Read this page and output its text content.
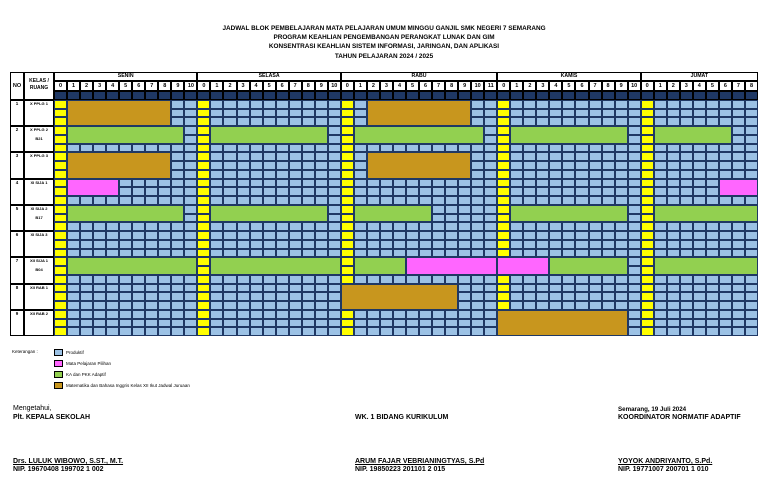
JADWAL BLOK PEMBELAJARAN MATA PELAJARAN UMUM MINGGU GANJIL SMK NEGERI 7 SEMARANG
PROGRAM KEAHLIAN PENGEMBANGAN PERANGKAT LUNAK DAN GIM
KONSENTRASI KEAHLIAN SISTEM INFORMASI, JARINGAN, DAN APLIKASI
TAHUN PELAJARAN 2024 / 2025
NO
KELAS / RUANG
SENIN
0	1	2	3	4	5	6	7	8	9	10
SELASA
0	1	2	3	4	5	6	7	8	9	10
RABU
0	1	2	3	4	5	6	7	8	9	10	11
KAMIS
0	1	2	3	4	5	6	7	8	9	10
JUMAT
0	1	2	3	4	5	6	7	8
1	X PPLG 1
2	X PPLG 2
B21
3	X PPLG 3
4	XI SIJA 1
5	XI SIJA 2
B17
6	XI SIJA 3
7	XII SIJA 1
B04
8	XII RAB 1
9	XII RAB 2
Keterangan :	Produktif
Mata Pelajaran Pilihan
KA dan PKK Adaptif
Matematika dan Bahasa Inggris Kelas XII Ikut Jadwal Juruaan
Mengetahui,
Plt. KEPALA SEKOLAH
Drs. LULUK WIBOWO, S.ST., M.T.
NIP. 19670408 199702 1 002
WK. 1 BIDANG KURIKULUM
ARUM FAJAR VEBRIANINGTYAS, S.Pd
NIP. 19850223 201101 2 015
Semarang, 19 Juli 2024
KOORDINATOR NORMATIF ADAPTIF
YOYOK ANDRIYANTO, S.Pd.
NIP. 19771007 200701 1 010
